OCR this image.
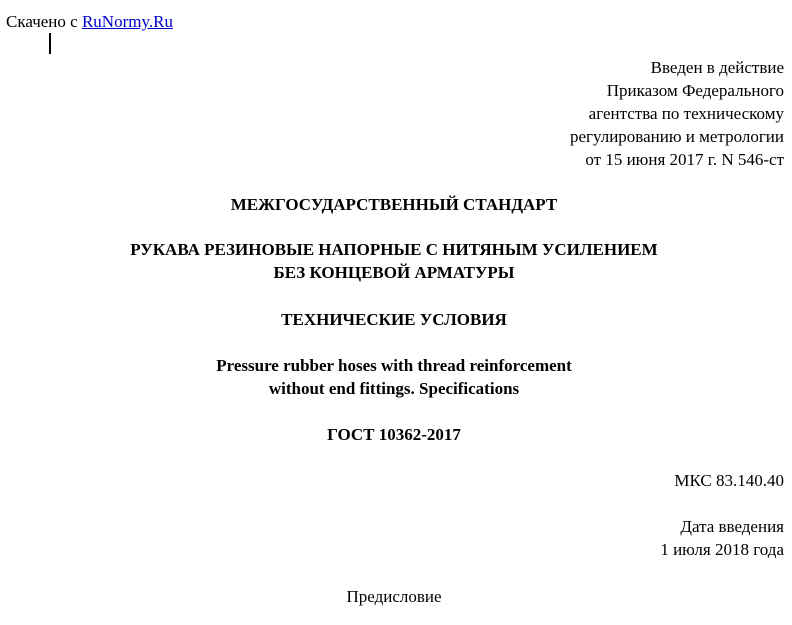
Скачено с RuNormy.Ru
Введен в действие
Приказом Федерального
агентства по техническому
регулированию и метрологии
от 15 июня 2017 г. N 546-ст
МЕЖГОСУДАРСТВЕННЫЙ СТАНДАРТ
РУКАВА РЕЗИНОВЫЕ НАПОРНЫЕ С НИТЯНЫМ УСИЛЕНИЕМ
БЕЗ КОНЦЕВОЙ АРМАТУРЫ
ТЕХНИЧЕСКИЕ УСЛОВИЯ
Pressure rubber hoses with thread reinforcement
without end fittings. Specifications
ГОСТ 10362-2017
МКС 83.140.40
Дата введения
1 июля 2018 года
Предисловие
